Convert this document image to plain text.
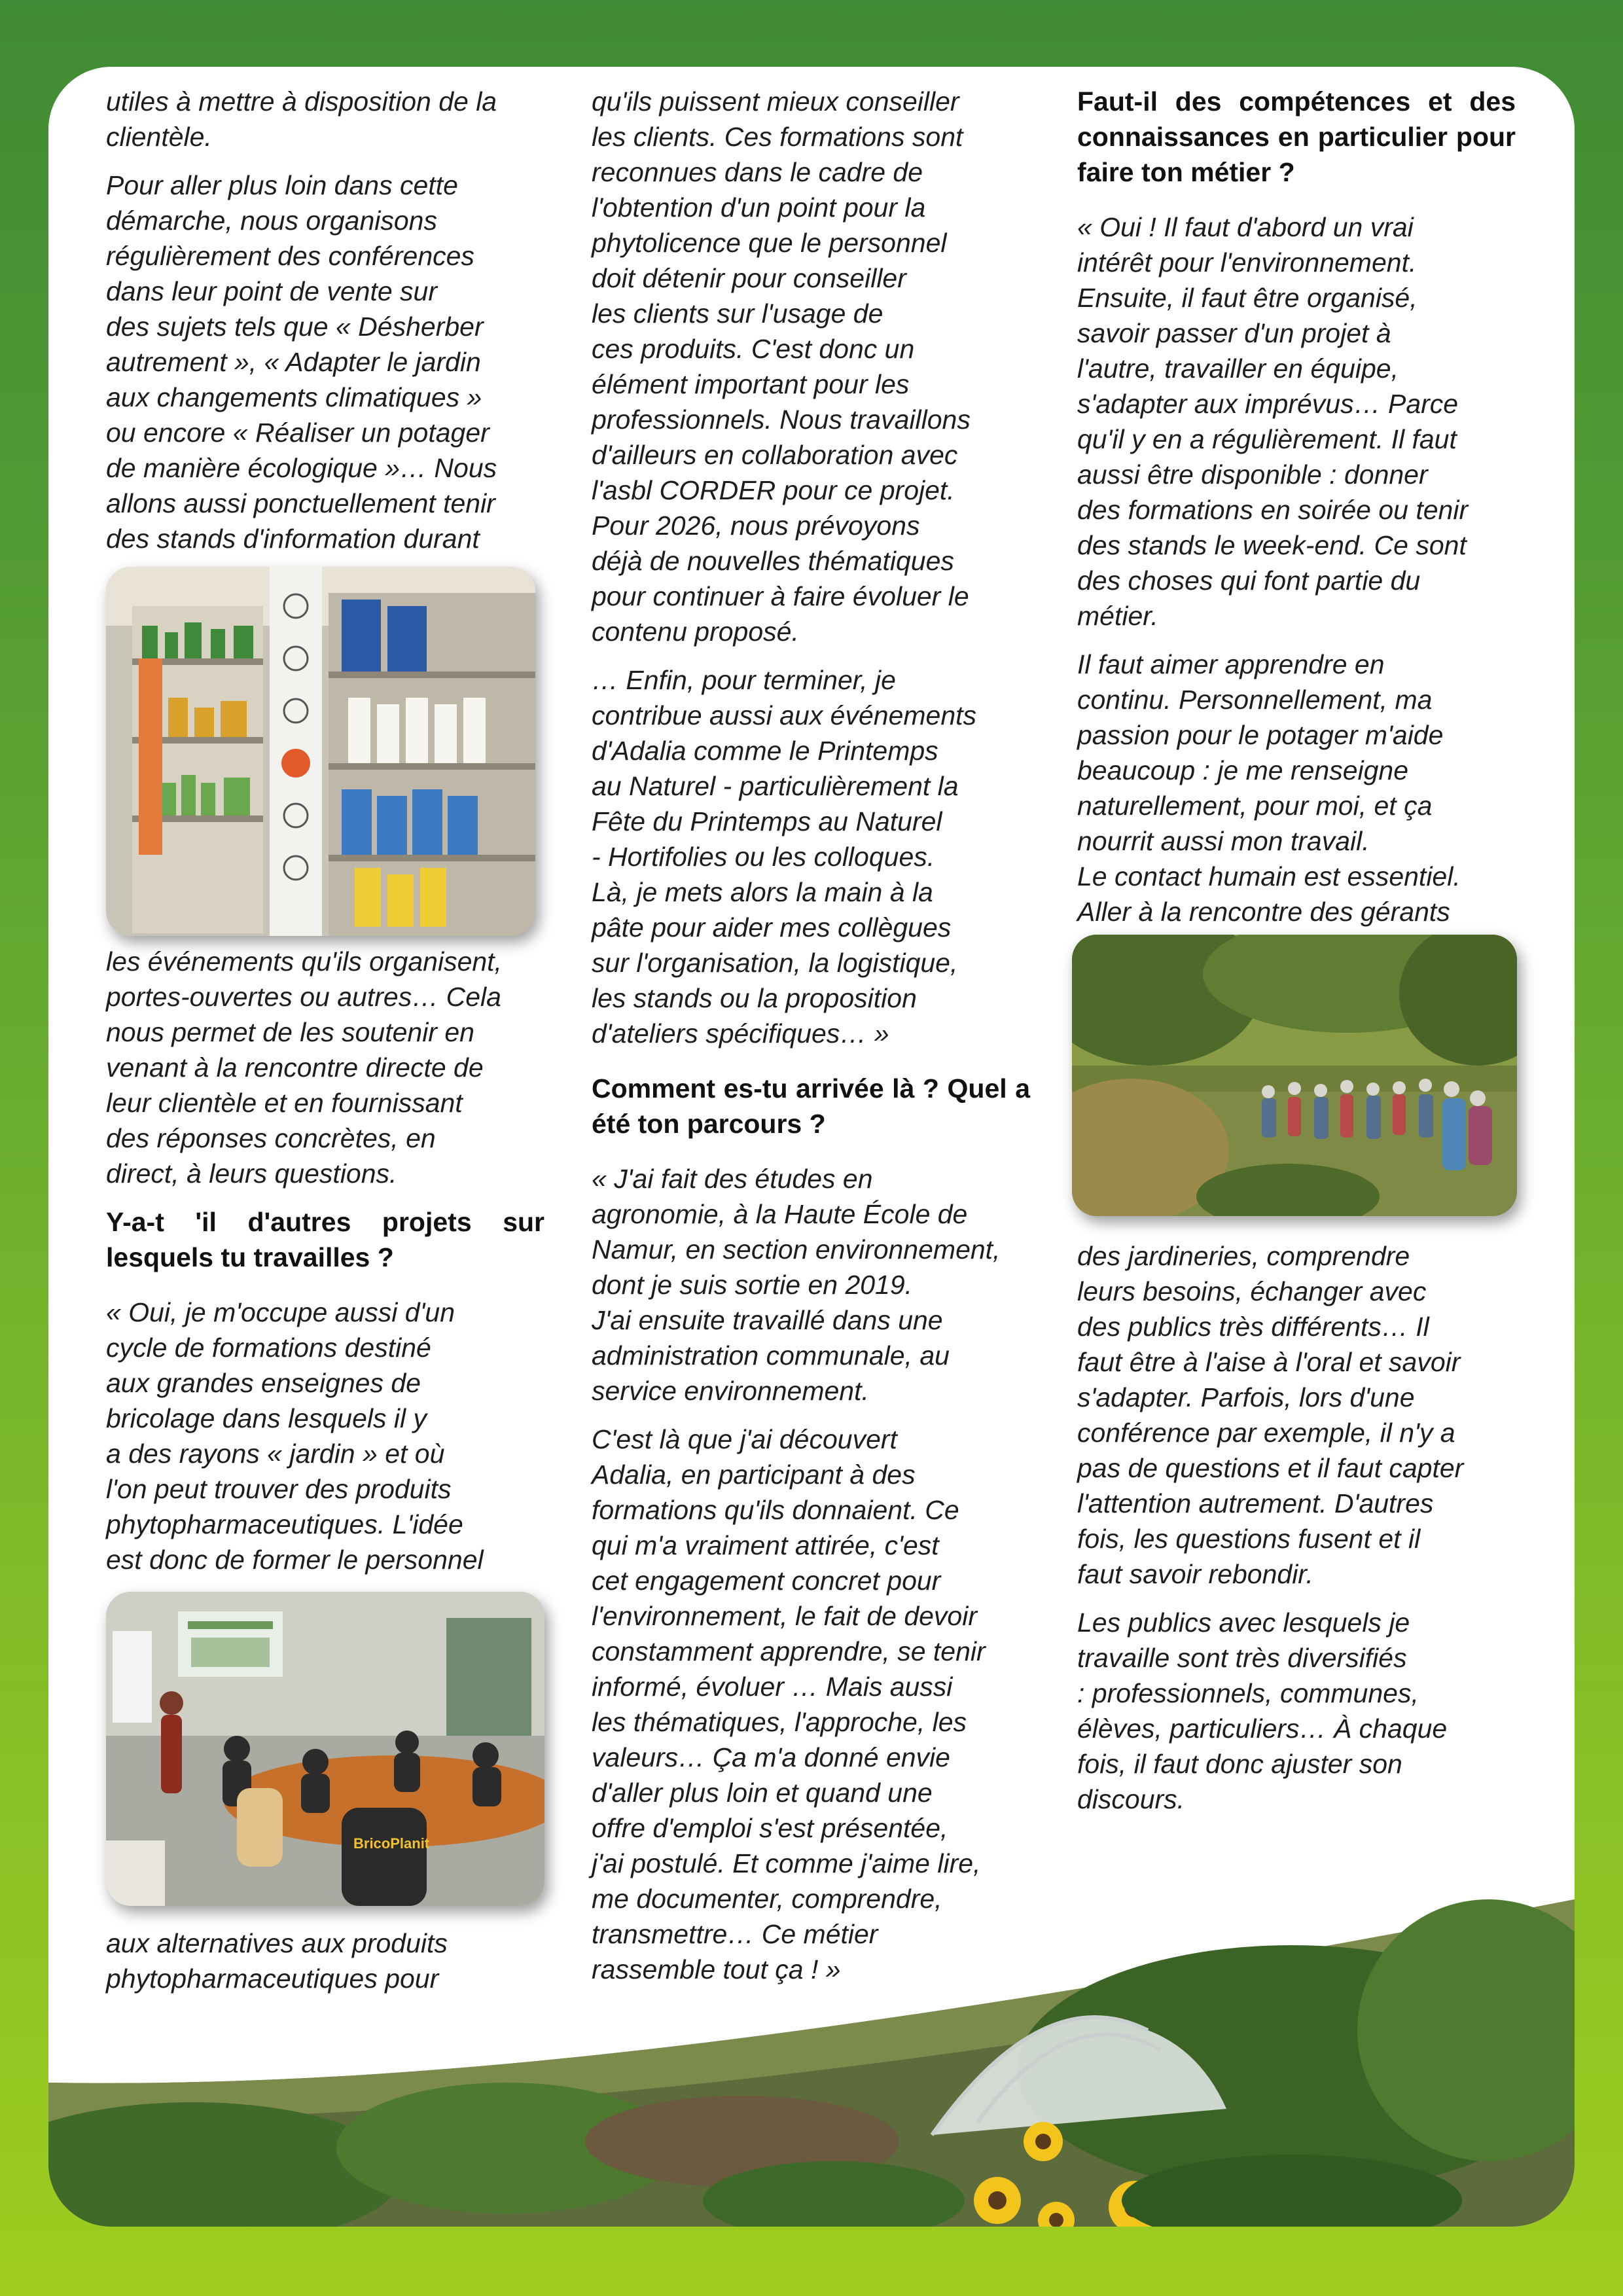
utiles à mettre à disposition de la
clientèle.

Pour aller plus loin dans cette
démarche, nous organisons
régulièrement des conférences
dans leur point de vente sur
des sujets tels que « Désherber
autrement », « Adapter le jardin
aux changements climatiques »
ou encore « Réaliser un potager
de manière écologique »… Nous
allons aussi ponctuellement tenir
des stands d'information durant

les événements qu'ils organisent,
portes-ouvertes ou autres… Cela
nous permet de les soutenir en
venant à la rencontre directe de
leur clientèle et en fournissant
des réponses concrètes, en
direct, à leurs questions.

Y-a-t 'il d'autres projets sur lesquels tu travailles ?

« Oui, je m'occupe aussi d'un
cycle de formations destiné
aux grandes enseignes de
bricolage dans lesquels il y
a des rayons « jardin » et où
l'on peut trouver des produits
phytopharmaceutiques. L'idée
est donc de former le personnel

BricoPlanit

aux alternatives aux produits
phytopharmaceutiques pour

qu'ils puissent mieux conseiller
les clients. Ces formations sont
reconnues dans le cadre de
l'obtention d'un point pour la
phytolicence que le personnel
doit détenir pour conseiller
les clients sur l'usage de
ces produits. C'est donc un
élément important pour les
professionnels. Nous travaillons
d'ailleurs en collaboration avec
l'asbl CORDER pour ce projet.
Pour 2026, nous prévoyons
déjà de nouvelles thématiques
pour continuer à faire évoluer le
contenu proposé.

… Enfin, pour terminer, je
contribue aussi aux événements
d'Adalia comme le Printemps
au Naturel - particulièrement la
Fête du Printemps au Naturel
- Hortifolies ou les colloques.
Là, je mets alors la main à la
pâte pour aider mes collègues
sur l'organisation, la logistique,
les stands ou la proposition
d'ateliers spécifiques… »

Comment es-tu arrivée là ? Quel a été ton parcours ?

« J'ai fait des études en
agronomie, à la Haute École de
Namur, en section environnement,
dont je suis sortie en 2019.
J'ai ensuite travaillé dans une
administration communale, au
service environnement.

C'est là que j'ai découvert
Adalia, en participant à des
formations qu'ils donnaient. Ce
qui m'a vraiment attirée, c'est
cet engagement concret pour
l'environnement, le fait de devoir
constamment apprendre, se tenir
informé, évoluer … Mais aussi
les thématiques, l'approche, les
valeurs… Ça m'a donné envie
d'aller plus loin et quand une
offre d'emploi s'est présentée,
j'ai postulé. Et comme j'aime lire,
me documenter, comprendre,
transmettre… Ce métier
rassemble tout ça ! »

Faut-il des compétences et des connaissances en particulier pour faire ton métier ?

« Oui ! Il faut d'abord un vrai
intérêt pour l'environnement.
Ensuite, il faut être organisé,
savoir passer d'un projet à
l'autre, travailler en équipe,
s'adapter aux imprévus… Parce
qu'il y en a régulièrement. Il faut
aussi être disponible : donner
des formations en soirée ou tenir
des stands le week-end. Ce sont
des choses qui font partie du
métier.

Il faut aimer apprendre en
continu. Personnellement, ma
passion pour le potager m'aide
beaucoup : je me renseigne
naturellement, pour moi, et ça
nourrit aussi mon travail.
Le contact humain est essentiel.
Aller à la rencontre des gérants

des jardineries, comprendre
leurs besoins, échanger avec
des publics très différents… Il
faut être à l'aise à l'oral et savoir
s'adapter. Parfois, lors d'une
conférence par exemple, il n'y a
pas de questions et il faut capter
l'attention autrement. D'autres
fois, les questions fusent et il
faut savoir rebondir.

Les publics avec lesquels je
travaille sont très diversifiés
: professionnels, communes,
élèves, particuliers… À chaque
fois, il faut donc ajuster son
discours.
